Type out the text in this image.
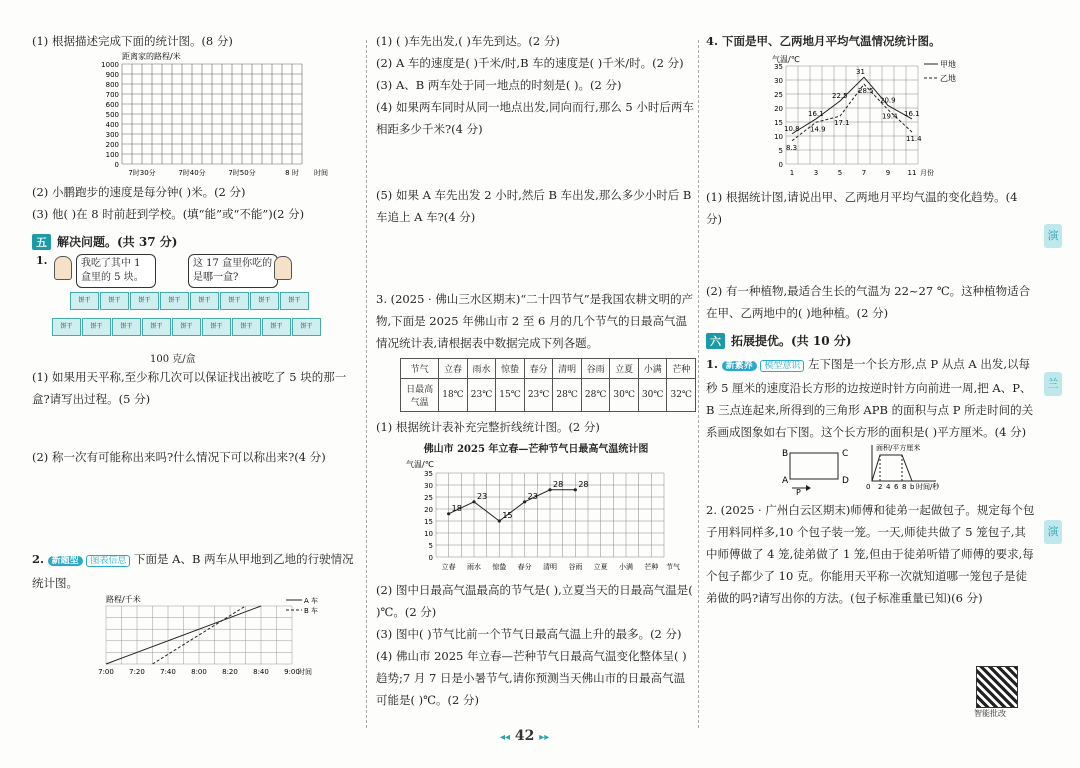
(1) 根据描述完成下面的统计图。(8 分)

距离家的路程/米
1000
900
800
700
600
500
400
300
200
100
0
7时30分	7时40分	7时50分	8 时 时间

(2) 小鹏跑步的速度是每分钟( )米。(2 分)

(3) 他( )在 8 时前赶到学校。(填“能”或“不能”)(2 分)

五 解决问题。(共 37 分)
1.	我吃了其中 1 盒里的 5 块。
这 17 盒里你吃的是哪一盒?
饼干	饼干	饼干	饼干	饼干	饼干	饼干	饼干
饼干	饼干	饼干	饼干	饼干	饼干	饼干	饼干	饼干
100 克/盒

(1) 如果用天平称,至少称几次可以保证找出被吃了 5 块的那一盒?请写出过程。(5 分)

(2) 称一次有可能称出来吗?什么情况下可以称出来?(4 分)

2. 新题型 图表信息 下面是 A、B 两车从甲地到乙地的行驶情况统计图。
路程/千米
7:00 7:20 7:40 8:00 8:20 8:40 9:00
时间
A 车
B 车

(1) ( )车先出发,( )车先到达。(2 分)

(2) A 车的速度是( )千米/时,B 车的速度是( )千米/时。(2 分)

(3) A、B 两车处于同一地点的时刻是( )。(2 分)

(4) 如果两车同时从同一地点出发,同向而行,那么 5 小时后两车相距多少千米?(4 分)

(5) 如果 A 车先出发 2 小时,然后 B 车出发,那么多少小时后 B 车追上 A 车?(4 分)

3. (2025 · 佛山三水区期末)“二十四节气”是我国农耕文明的产物,下面是 2025 年佛山市 2 至 6 月的几个节气的日最高气温情况统计表,请根据表中数据完成下列各题。

节气	立春	雨水	惊蛰	春分	清明	谷雨	立夏	小满	芒种
日最高气温	18℃	23℃	15℃	23℃	28℃	28℃	30℃	30℃	32℃

(1) 根据统计表补充完整折线统计图。(2 分)

佛山市 2025 年立春—芒种节气日最高气温统计图

气温/℃
35
30
25
20
15
10
5
0
立春 雨水 惊蛰 春分 清明 谷雨 立夏 小满 芒种 节气
18
23
15
23
28 28

(2) 图中日最高气温最高的节气是( ),立夏当天的日最高气温是( )℃。(2 分)

(3) 图中( )节气比前一个节气日最高气温上升的最多。(2 分)

(4) 佛山市 2025 年立春—芒种节气日最高气温变化整体呈( )趋势;7 月 7 日是小暑节气,请你预测当天佛山市的日最高气温可能是( )℃。(2 分)

4. 下面是甲、乙两地月平均气温情况统计图。

气温/℃
35
30
25
20
15
10
5
0
1	3	5	7	9 11 月份
10.8
16.1
22.5
31
20.9
16.1
8.3
14.9
17.1
28.5
19.4
11.4
甲地
乙地

(1) 根据统计图,请说出甲、乙两地月平均气温的变化趋势。(4 分)

(2) 有一种植物,最适合生长的气温为 22~27 ℃。这种植物适合在甲、乙两地中的( )地种植。(2 分)

六 拓展提优。(共 10 分)
1. 新素养 模型意识 左下图是一个长方形,点 P 从点 A 出发,以每秒 5 厘米的速度沿长方形的边按逆时针方向前进一周,把 A、P、B 三点连起来,所得到的三角形 APB 的面积与点 P 所走时间的关系画成图象如右下图。这个长方形的面积是( )平方厘米。(4 分)
B	C
A	D
P
面积/平方厘米
0 2 4 6 8 b 时间/秒

2. (2025 · 广州白云区期末)师傅和徒弟一起做包子。规定每个包子用料同样多,10 个包子装一笼。一天,师徒共做了 5 笼包子,其中师傅做了 4 笼,徒弟做了 1 笼,但由于徒弟听错了师傅的要求,每个包子都少了 10 克。你能用天平称一次就知道哪一笼包子是徒弟做的吗?请写出你的方法。(包子标准重量已知)(6 分)

智能批改
演
兰
演
◂◂ 42 ▸▸
